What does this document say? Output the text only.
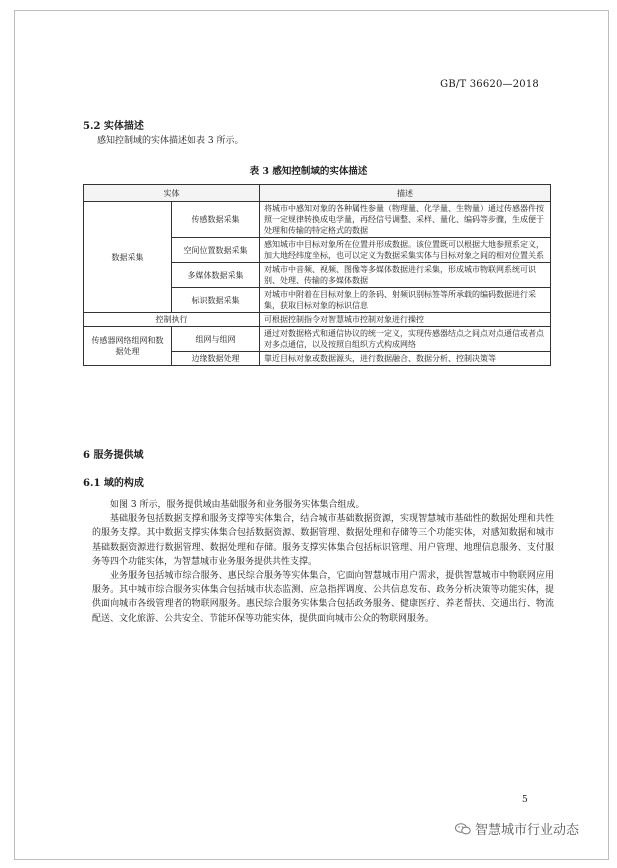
GB/T 36620—2018
5.2 实体描述
感知控制域的实体描述如表 3 所示。
表 3 感知控制域的实体描述
实体		描述
数据采集	传感数据采集	将城市中感知对象的各种属性参量（物理量、化学量、生物量）通过传感器件按照一定规律转换成电学量，再经信号调整、采样、量化、编码等步骤，生成便于处理和传输的特定格式的数据
	空间位置数据采集	感知城市中目标对象所在位置并形成数据。该位置既可以根据大地参照系定义，加大地经纬度坐标，也可以定义为数据采集实体与目标对象之间的相对位置关系
	多媒体数据采集	对城市中音频、视频、图像等多媒体数据进行采集，形成城市物联网系统可识别、处理、传输的多媒体数据
	标识数据采集	对城市中附着在目标对象上的条码、射频识别标签等所承载的编码数据进行采集，获取目标对象的标识信息
控制执行		可根据控制指令对智慧城市控制对象进行操控
传感器网络组网和数据处理	组网与组网	通过对数据格式和通信协议的统一定义，实现传感器结点之间点对点通信或者点对多点通信，以及按照自组织方式构成网络
	边缘数据处理	靠近目标对象或数据源头，进行数据融合、数据分析、控制决策等
6 服务提供域
6.1 域的构成

如图 3 所示，服务提供域由基础服务和业务服务实体集合组成。

基础服务包括数据支撑和服务支撑等实体集合，结合城市基础数据资源，实现智慧城市基础性的数据处理和共性的服务支撑。其中数据支撑实体集合包括数据资源、数据管理、数据处理和存储等三个功能实体，对感知数据和城市基础数据资源进行数据管理、数据处理和存储。服务支撑实体集合包括标识管理、用户管理、地理信息服务、支付服务等四个功能实体，为智慧城市业务服务提供共性支撑。

业务服务包括城市综合服务、惠民综合服务等实体集合，它面向智慧城市用户需求，提供智慧城市中物联网应用服务。其中城市综合服务实体集合包括城市状态监测、应急指挥调度、公共信息发布、政务分析决策等功能实体，提供面向城市各级管理者的物联网服务。惠民综合服务实体集合包括政务服务、健康医疗、养老帮扶、交通出行、物流配送、文化旅游、公共安全、节能环保等功能实体，提供面向城市公众的物联网服务。

5
智慧城市行业动态
